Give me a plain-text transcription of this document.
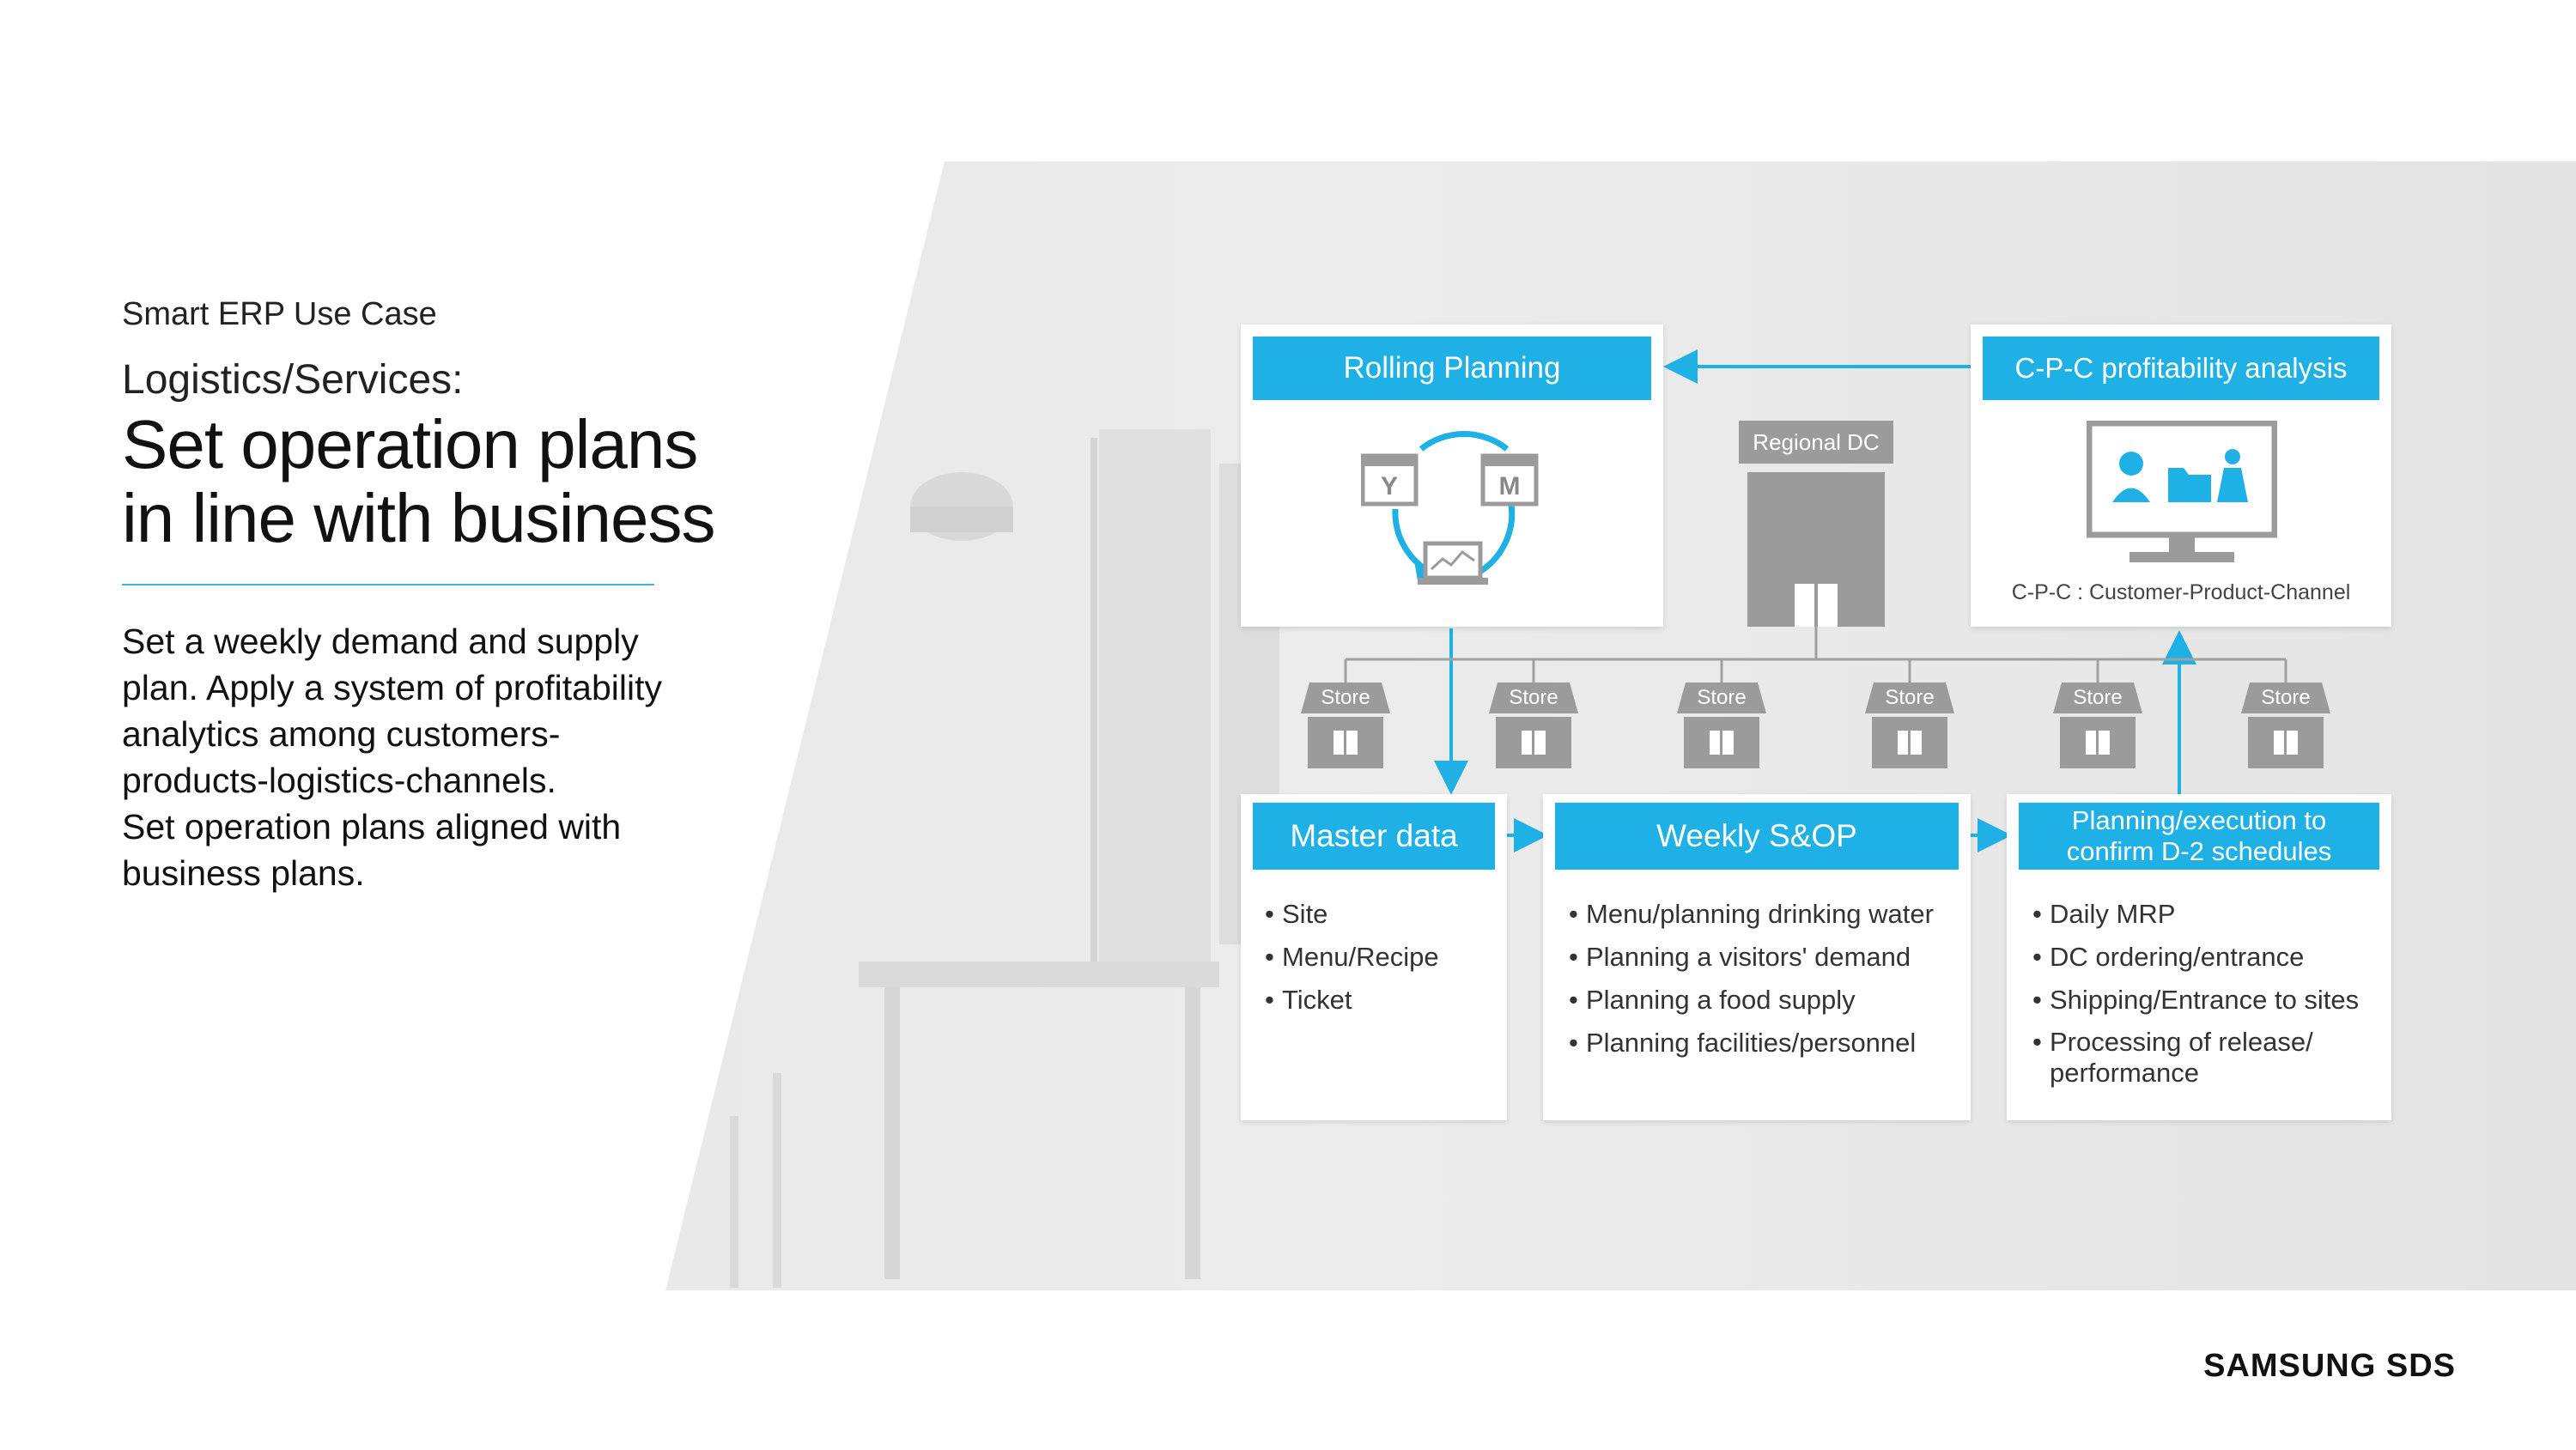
Smart ERP Use Case
Logistics/Services:
Set operation plans
in line with business
Set a weekly demand and supply
plan. Apply a system of profitability
analytics among customers-
products-logistics-channels.
Set operation plans aligned with
business plans.
Rolling Planning
Y	M
C-P-C profitability analysis
C-P-C : Customer-Product-Channel
Regional DC
Store	Store	Store	Store	Store	Store
Master data
• Site
• Menu/Recipe
• Ticket
Weekly S&OP
• Menu/planning drinking water
• Planning a visitors' demand
• Planning a food supply
• Planning facilities/personnel
Planning/execution to
confirm D-2 schedules
• Daily MRP
• DC ordering/entrance
• Shipping/Entrance to sites
• Processing of release/ performance
SAMSUNG SDS
